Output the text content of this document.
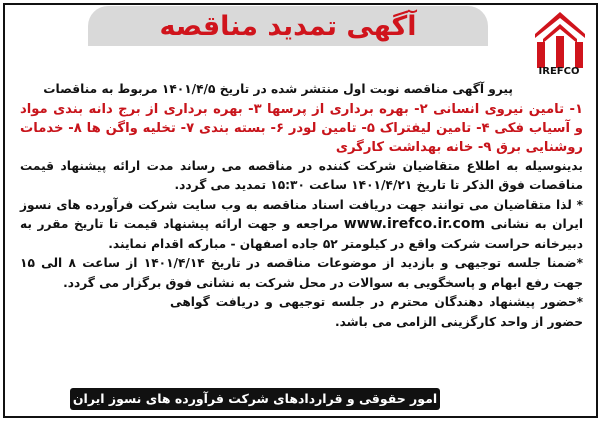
آگهی تمدید مناقصه
IREFCO

پیرو آگهی مناقصه نوبت اول منتشر شده در تاریخ ۱۴۰۱/۴/۵ مربوط به مناقصات

۱- تامین نیروی انسانی ۲- بهره برداری از پرسها ۳- بهره برداری از برج دانه بندی مواد و آسیاب فکی ۴- تامین لیفتراک ۵- تامین لودر ۶- بسته بندی ۷- تخلیه واگن ها ۸- خدمات روشنایی برق ۹- خانه بهداشت کارگری

بدینوسیله به اطلاع متقاضیان شرکت کننده در مناقصه می رساند مدت ارائه پیشنهاد قیمت مناقصات فوق الذکر تا تاریخ ۱۴۰۱/۴/۲۱ ساعت ۱۵:۳۰ تمدید می گردد.

* لذا متقاضیان می توانند جهت دریافت اسناد مناقصه به وب سایت شرکت فرآورده های نسوز ایران به نشانی www.irefco.ir.com مراجعه و جهت ارائه پیشنهاد قیمت تا تاریخ مقرر به دبیرخانه حراست شرکت واقع در کیلومتر ۵۲ جاده اصفهان - مبارکه اقدام نمایند.

*ضمنا جلسه توجیهی و بازدید از موضوعات مناقصه در تاریخ ۱۴۰۱/۴/۱۴ از ساعت ۸ الی ۱۵ جهت رفع ابهام و پاسخگویی به سوالات در محل شرکت به نشانی فوق برگزار می گردد.

*حضور پیشنهاد دهندگان محترم در جلسه توجیهی و دریافت گواهی حضور از واحد کارگزینی الزامی می باشد.

امور حقوقی و قراردادهای شرکت فرآورده های نسوز ایران
